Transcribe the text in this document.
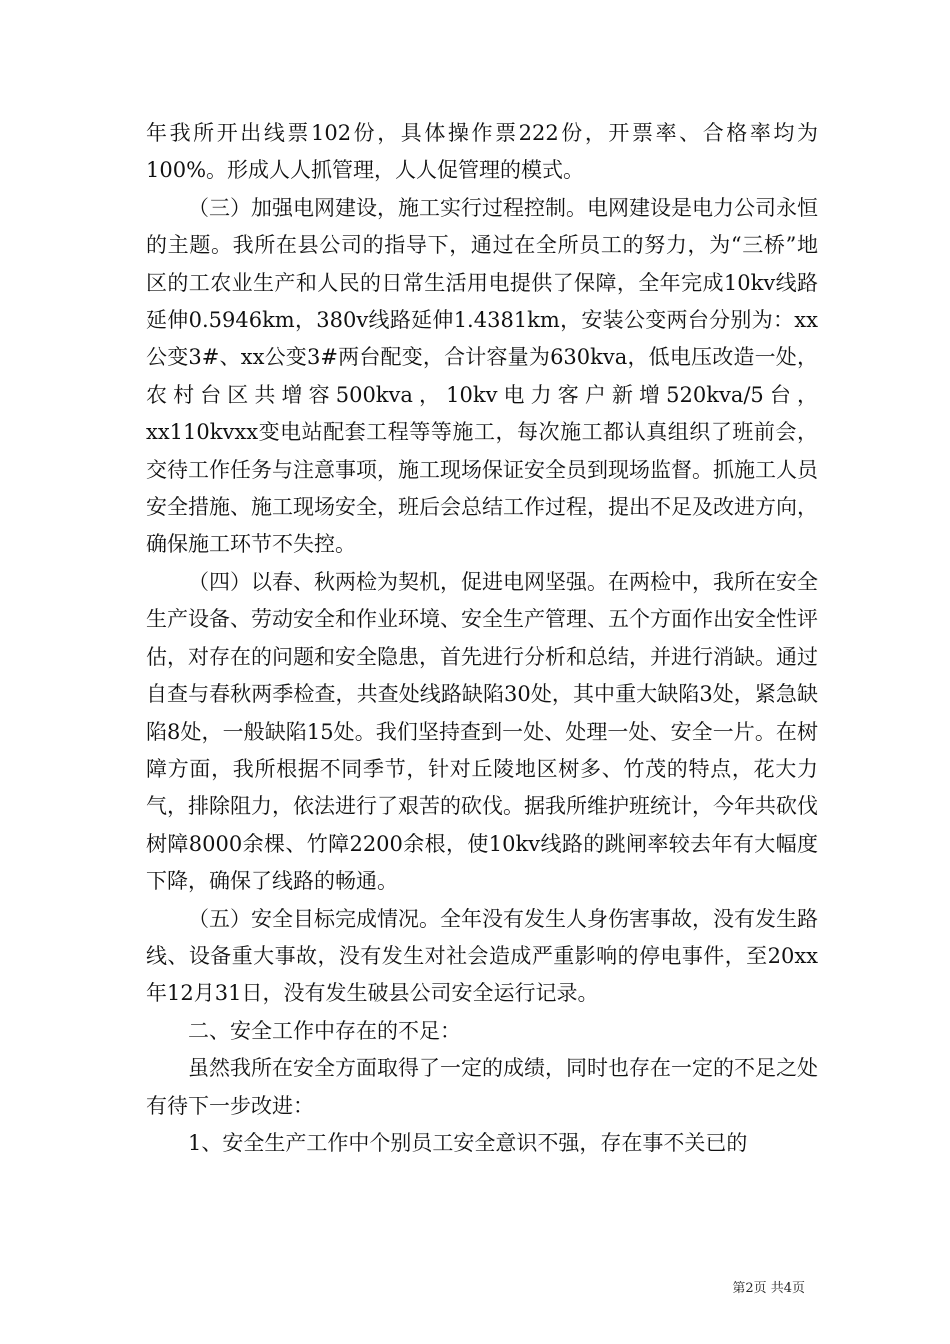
年我所开出线票102份，具体操作票222份，开票率、合格率均为100%。形成人人抓管理，人人促管理的模式。

（三）加强电网建设，施工实行过程控制。电网建设是电力公司永恒的主题。我所在县公司的指导下，通过在全所员工的努力，为“三桥”地区的工农业生产和人民的日常生活用电提供了保障，全年完成10kv线路延伸0.5946km，380v线路延伸1.4381km，安装公变两台分别为：xx公变3#、xx公变3#两台配变，合计容量为630kva，低电压改造一处，农村台区共增容500kva，10kv电力客户新增520kva/5台，xx110kvxx变电站配套工程等等施工，每次施工都认真组织了班前会，交待工作任务与注意事项，施工现场保证安全员到现场监督。抓施工人员安全措施、施工现场安全，班后会总结工作过程，提出不足及改进方向，确保施工环节不失控。

（四）以春、秋两检为契机，促进电网坚强。在两检中，我所在安全生产设备、劳动安全和作业环境、安全生产管理、五个方面作出安全性评估，对存在的问题和安全隐患，首先进行分析和总结，并进行消缺。通过自查与春秋两季检查，共查处线路缺陷30处，其中重大缺陷3处，紧急缺陷8处，一般缺陷15处。我们坚持查到一处、处理一处、安全一片。在树障方面，我所根据不同季节，针对丘陵地区树多、竹茂的特点，花大力气，排除阻力，依法进行了艰苦的砍伐。据我所维护班统计，今年共砍伐树障8000余棵、竹障2200余根，使10kv线路的跳闸率较去年有大幅度下降，确保了线路的畅通。

（五）安全目标完成情况。全年没有发生人身伤害事故，没有发生路线、设备重大事故，没有发生对社会造成严重影响的停电事件，至20xx年12月31日，没有发生破县公司安全运行记录。

二、安全工作中存在的不足：

虽然我所在安全方面取得了一定的成绩，同时也存在一定的不足之处有待下一步改进：

1、安全生产工作中个别员工安全意识不强，存在事不关已的

第2页 共4页
